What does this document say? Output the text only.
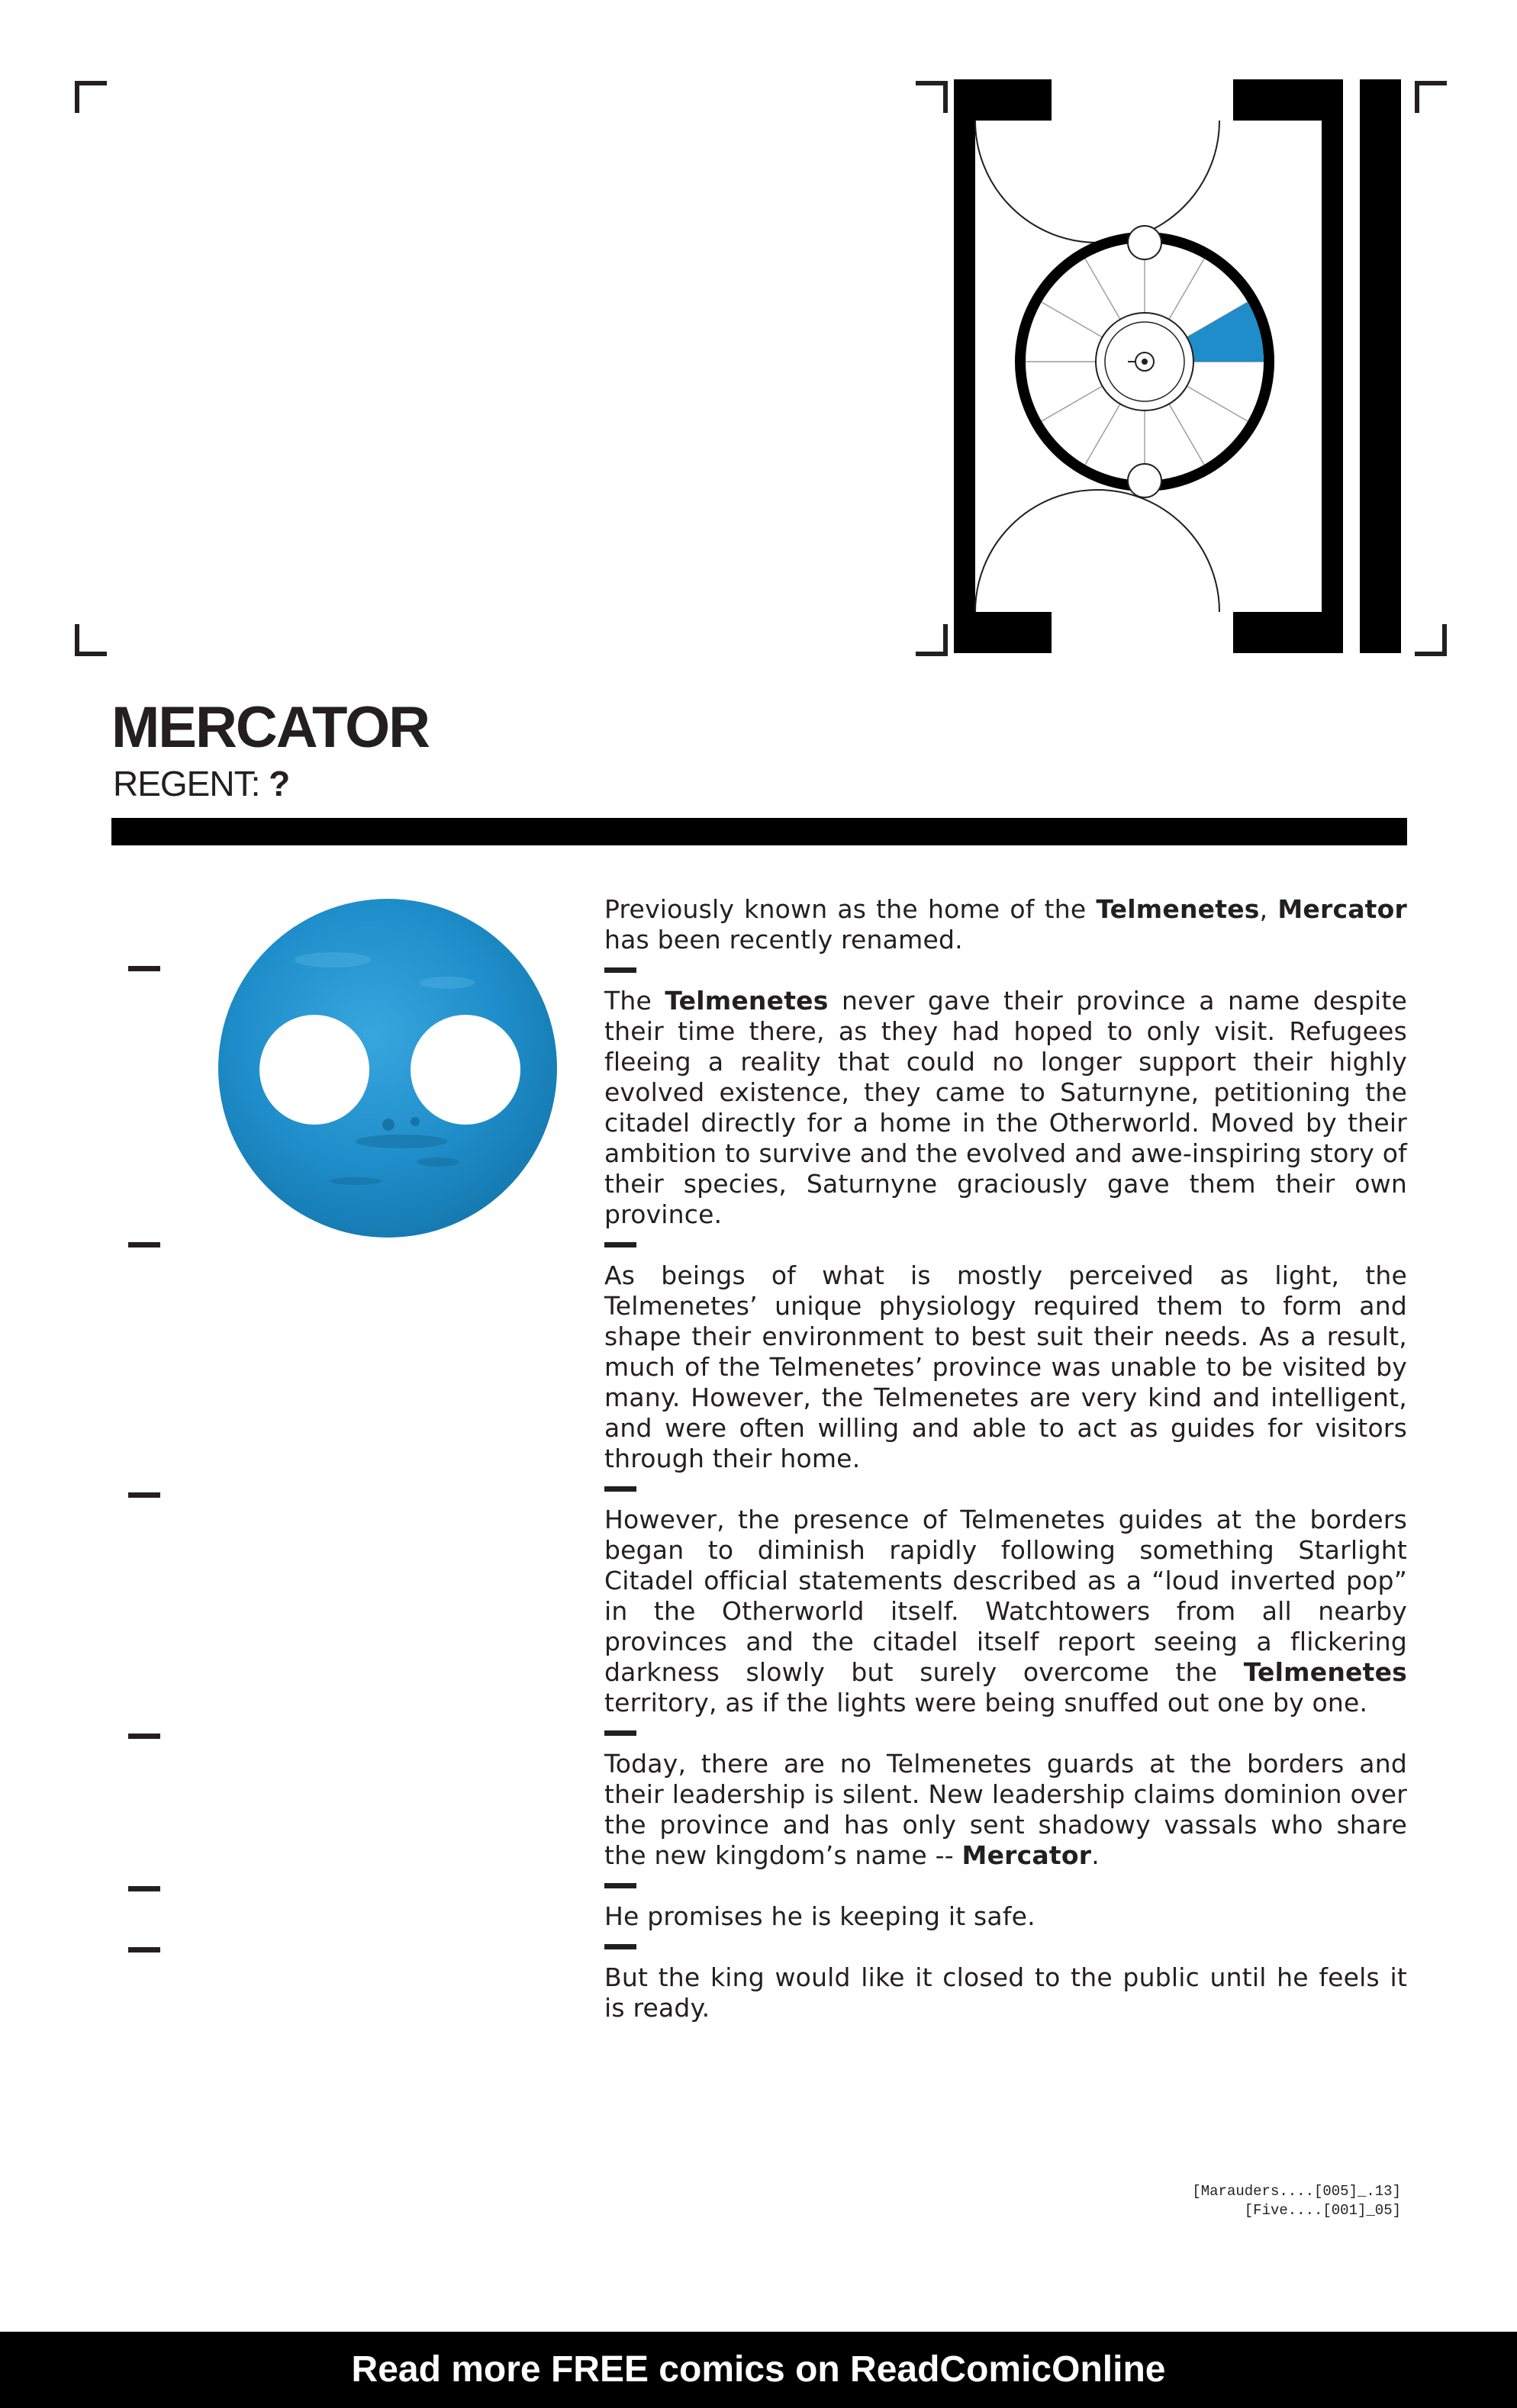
MERCATOR
REGENT: ?

Previously known as the home of the Telmenetes, Mercator has been recently renamed.

The Telmenetes never gave their province a name despite their time there, as they had hoped to only visit. Refugees fleeing a reality that could no longer support their highly evolved existence, they came to Saturnyne, petitioning the citadel directly for a home in the Otherworld. Moved by their ambition to survive and the evolved and awe-inspiring story of their species, Saturnyne graciously gave them their own province.

As beings of what is mostly perceived as light, the Telmenetes’ unique physiology required them to form and shape their environment to best suit their needs. As a result, much of the Telmenetes’ province was unable to be visited by many. However, the Telmenetes are very kind and intelligent, and were often willing and able to act as guides for visitors through their home.

However, the presence of Telmenetes guides at the borders began to diminish rapidly following something Starlight Citadel official statements described as a “loud inverted pop” in the Otherworld itself. Watchtowers from all nearby provinces and the citadel itself report seeing a flickering darkness slowly but surely overcome the Telmenetes territory, as if the lights were being snuffed out one by one.

Today, there are no Telmenetes guards at the borders and their leadership is silent. New leadership claims dominion over the province and has only sent shadowy vassals who share the new kingdom’s name -- Mercator.

He promises he is keeping it safe.

But the king would like it closed to the public until he feels it is ready.

[Marauders....[005]_.13]
[Five....[001]_05]
Read more FREE comics on ReadComicOnline
